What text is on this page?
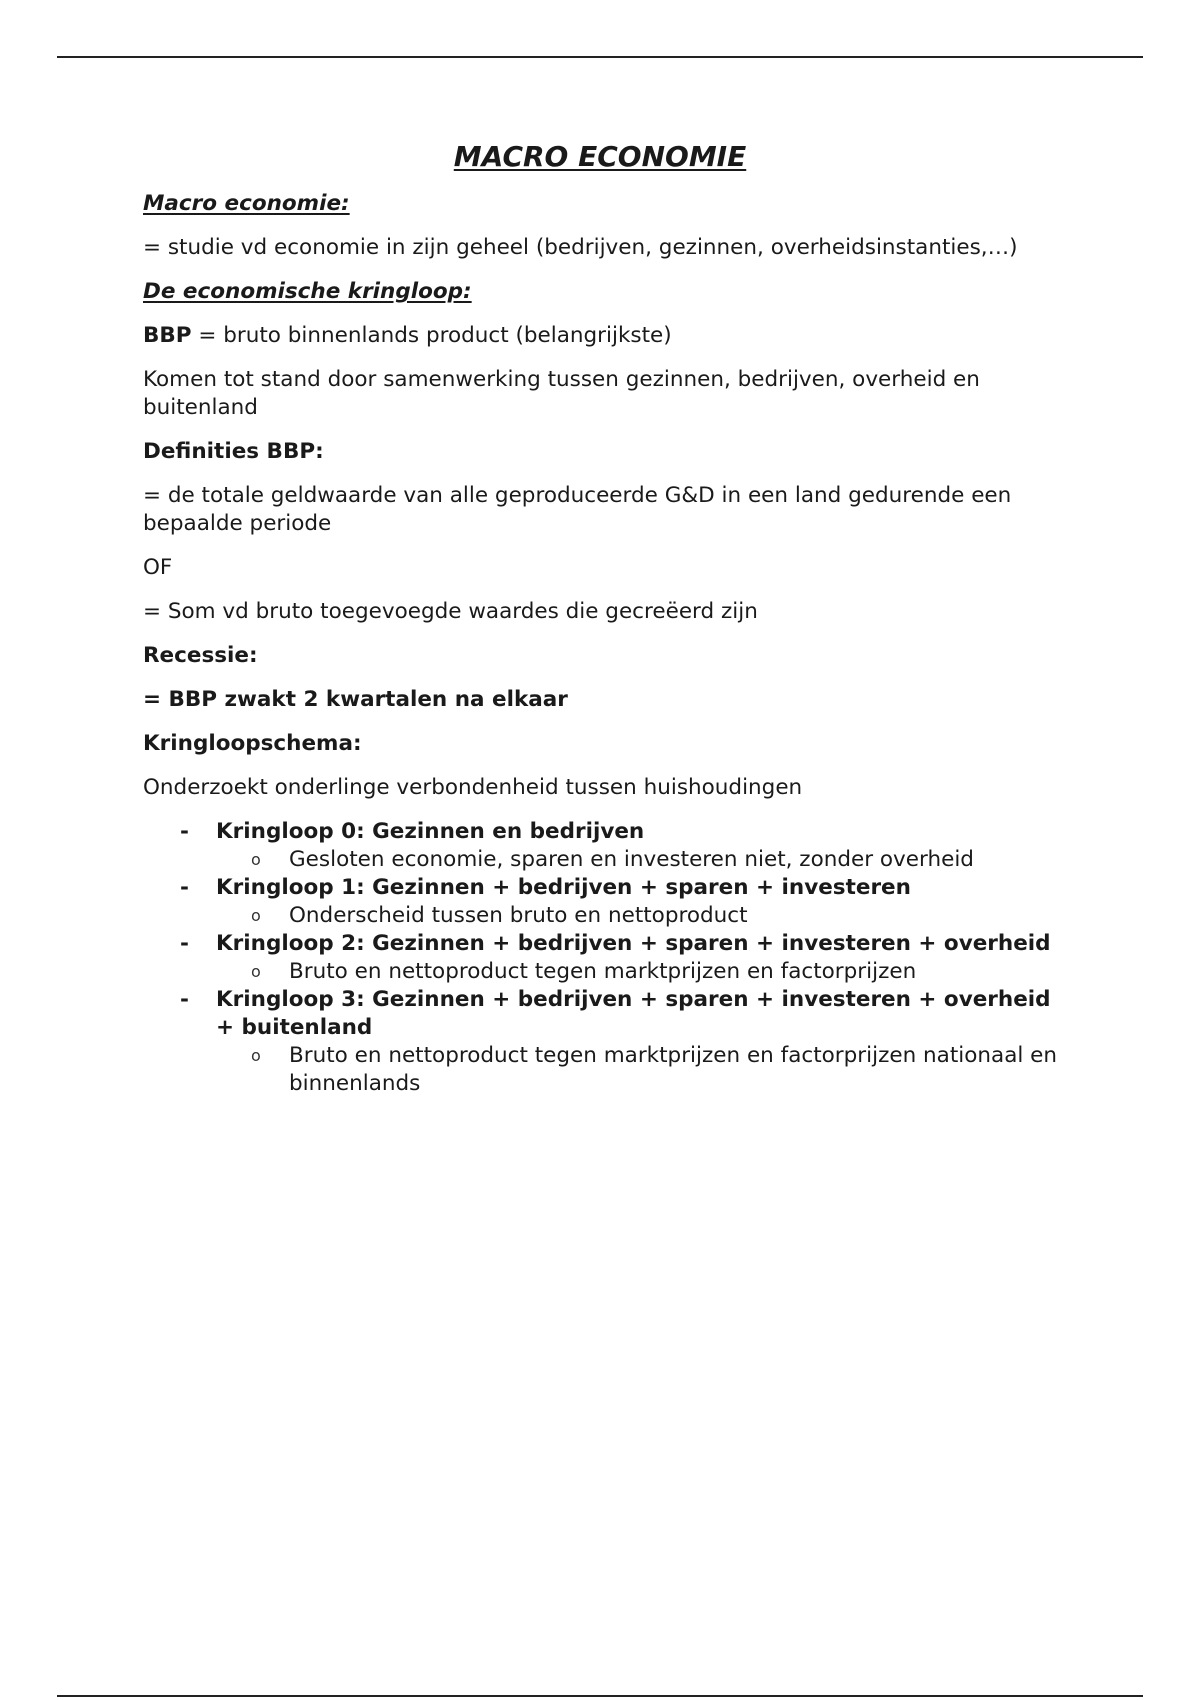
MACRO ECONOMIE

Macro economie:

= studie vd economie in zijn geheel (bedrijven, gezinnen, overheidsinstanties,…)

De economische kringloop:

BBP = bruto binnenlands product (belangrijkste)

Komen tot stand door samenwerking tussen gezinnen, bedrijven, overheid en buitenland

Definities BBP:

= de totale geldwaarde van alle geproduceerde G&D in een land gedurende een bepaalde periode

OF

= Som vd bruto toegevoegde waardes die gecreëerd zijn

Recessie:

= BBP zwakt 2 kwartalen na elkaar

Kringloopschema:

Onderzoekt onderlinge verbondenheid tussen huishoudingen

- Kringloop 0: Gezinnen en bedrijven
o Gesloten economie, sparen en investeren niet, zonder overheid
- Kringloop 1: Gezinnen + bedrijven + sparen + investeren
o Onderscheid tussen bruto en nettoproduct
- Kringloop 2: Gezinnen + bedrijven + sparen + investeren + overheid
o Bruto en nettoproduct tegen marktprijzen en factorprijzen
- Kringloop 3: Gezinnen + bedrijven + sparen + investeren + overheid + buitenland
o Bruto en nettoproduct tegen marktprijzen en factorprijzen nationaal en binnenlands
